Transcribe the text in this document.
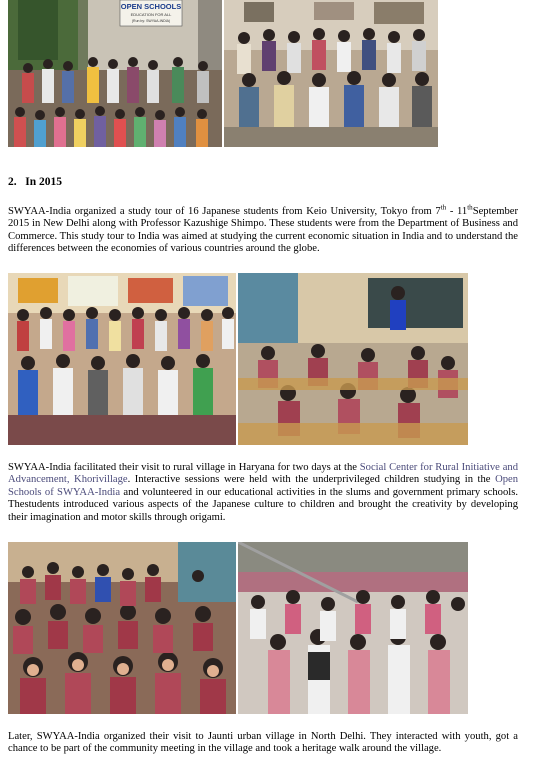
OPEN SCHOOLS
EDUCATION FOR ALL
(Run by: SWYAA-INDIA)
2. In 2015

SWYAA-India organized a study tour of 16 Japanese students from Keio University, Tokyo from 7th - 11thSeptember 2015 in New Delhi along with Professor Kazushige Shimpo. These students were from the Department of Business and Commerce. This study tour to India was aimed at studying the current economic situation in India and to understand the differences between the economies of various countries around the globe.

SWYAA-India facilitated their visit to rural village in Haryana for two days at the Social Center for Rural Initiative and Advancement, Khorivillage. Interactive sessions were held with the underprivileged children studying in the Open Schools of SWYAA-India and volunteered in our educational activities in the slums and government primary schools. Thestudents introduced various aspects of the Japanese culture to children and brought the creativity by developing their imagination and motor skills through origami.

Later, SWYAA-India organized their visit to Jaunti urban village in North Delhi. They interacted with youth, got a chance to be part of the community meeting in the village and took a heritage walk around the village.
